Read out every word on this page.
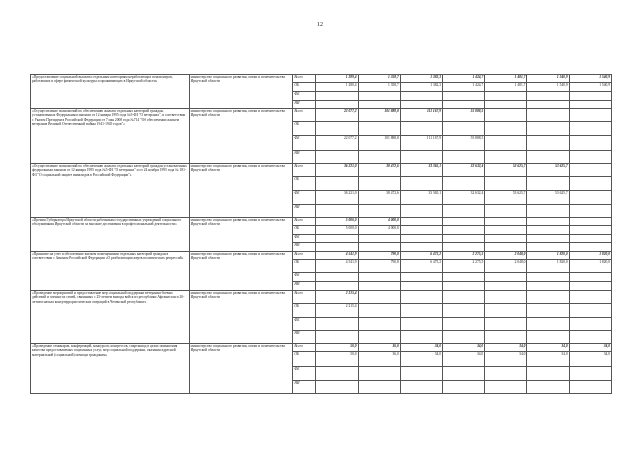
12
«Предоставление социальной выплаты отдельным категориям неработающих пенсионеров, работавших в сфере физической культуры и проживающих в Иркутской области»	министерство социального развития, опеки и попечительства Иркутской области	Всего	1 289,4	1 358,7	1 382,3	1 424,7	1 481,7	1 540,9	1 540,9
		ОБ	1 280,4	1 358,7	1 382,3	1 424,7	1 481,7	1 540,9	1 540,9
		ФБ							
		НИ							
«Осуществление полномочий по обеспечению жильем отдельных категорий граждан, установленных Федеральным законом от 12 января 1995 года №5-ФЗ "О ветеранах", в соответствии с Указом Президента Российской Федерации от 7 мая 2008 года №714 "Об обеспечении жильем ветеранов Великой Отечественной войны 1941-1945 годов"»	министерство социального развития, опеки и попечительства Иркутской области	Всего	22 077,2	101 888,8	111 167,9	55 888,5			
		ОБ							
		ФБ	22 077,2	101 888,8	111 167,9	55 888,5			
		НИ							
«Осуществление полномочий по обеспечению жильем отдельных категорий граждан установленных федеральным законом от 12 января 1995 года №5-ФЗ "О ветеранах" и от 24 ноября 1995 года № 181-ФЗ "О социальной защите инвалидов в Российской Федерации"»	министерство социального развития, опеки и попечительства Иркутской области	Всего	36 221,0	38 472,6	33 365,1	32 632,4	53 625,7	53 625,7	
		ОБ							
		ФБ	36 221,0	38 472,6	33 365,1	32 632,4	53 625,7	53 625,7	
		НИ							
«Премия Губернатора Иркутской области работникам государственных учреждений социального обслуживания Иркутской области за высокие достижения в профессиональной деятельности»	министерство социального развития, опеки и попечительства Иркутской области	Всего	5 000,0	4 000,0					
		ОБ	5 000,0	4 000,0					
		ФБ							
		НИ							
«Принятие на учет и обеспечение жильем помещениями отдельных категорий граждан в соответствии с Законом Российской Федерации «О реабилитации жертв политических репрессий»	министерство социального развития, опеки и попечительства Иркутской области	Всего	4 541,9	790,8	6 475,2	2 275,5	2 048,0	1 820,0	1 820,0
		ОБ	4 541,9	790,8	6 475,2	2 275,5	2 048,0	1 820,0	1 820,0
		ФБ							
		НИ							
«Проведение мероприятий и предоставление мер социальной поддержки ветеранам боевых действий и членам их семей, связанных с 25-летием вывода войск из республики Афганистан и 20-летием начала контртеррористических операций в Чеченской республике»	министерство социального развития, опеки и попечительства Иркутской области	Всего	2 215,4						
		ОБ	2 215,4						
		ФБ							
		НИ							
«Проведение семинаров, конференций, конкурсов, конгрессов, спартакиад в целях повышения качества предоставляемых социальных услуг, мер социальной поддержки, оказания адресной материальной (социальной) помощи гражданам»	министерство социального развития, опеки и попечительства Иркутской области	Всего	50,0	36,0	34,0	34,0	34,0	34,0	34,0
		ОБ	50,0	36,0	34,0	34,0	34,0	34,0	34,0
		ФБ							
		НИ							
